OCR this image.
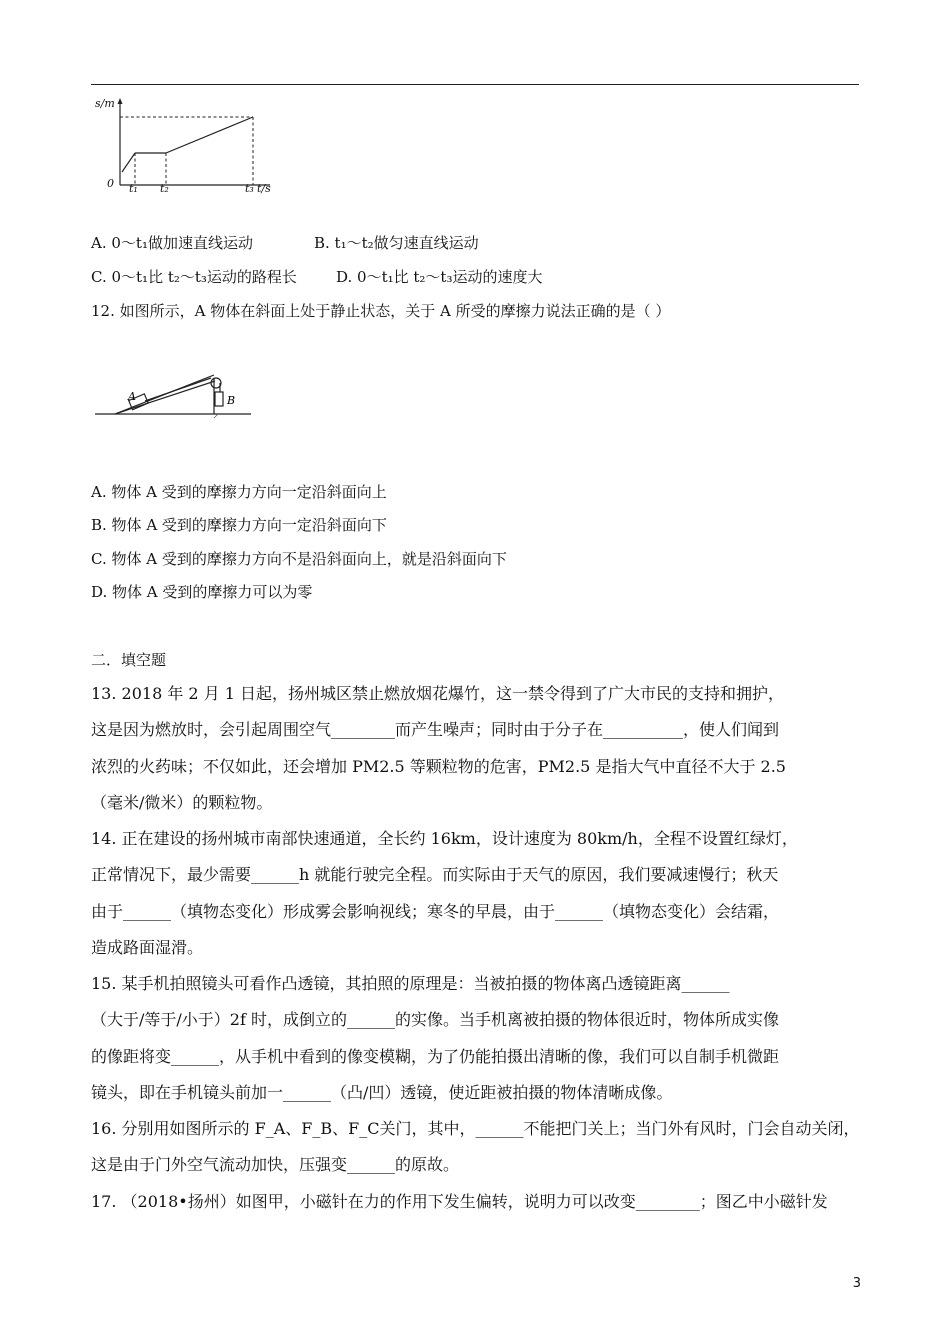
s/m
0 t₁ t₂	t₃ t/s
A. 0～t₁做加速直线运动	B. t₁～t₂做匀速直线运动
C. 0～t₁比 t₂～t₃运动的路程长	D. 0～t₁比 t₂～t₃运动的速度大
12. 如图所示，A 物体在斜面上处于静止状态，关于 A 所受的摩擦力说法正确的是（ ）
A	B
A. 物体 A 受到的摩擦力方向一定沿斜面向上
B. 物体 A 受到的摩擦力方向一定沿斜面向下
C. 物体 A 受到的摩擦力方向不是沿斜面向上，就是沿斜面向下
D. 物体 A 受到的摩擦力可以为零
二．填空题
13. 2018 年 2 月 1 日起，扬州城区禁止燃放烟花爆竹，这一禁令得到了广大市民的支持和拥护，
这是因为燃放时，会引起周围空气________而产生噪声；同时由于分子在__________，使人们闻到
浓烈的火药味；不仅如此，还会增加 PM2.5 等颗粒物的危害，PM2.5 是指大气中直径不大于 2.5
（毫米/微米）的颗粒物。
14. 正在建设的扬州城市南部快速通道，全长约 16km，设计速度为 80km/h，全程不设置红绿灯，
正常情况下，最少需要______h 就能行驶完全程。而实际由于天气的原因，我们要减速慢行；秋天
由于______（填物态变化）形成雾会影响视线；寒冬的早晨，由于______（填物态变化）会结霜，
造成路面湿滑。
15. 某手机拍照镜头可看作凸透镜，其拍照的原理是：当被拍摄的物体离凸透镜距离______
（大于/等于/小于）2f 时，成倒立的______的实像。当手机离被拍摄的物体很近时，物体所成实像
的像距将变______，从手机中看到的像变模糊，为了仍能拍摄出清晰的像，我们可以自制手机微距
镜头，即在手机镜头前加一______（凸/凹）透镜，使近距被拍摄的物体清晰成像。
16. 分别用如图所示的 F_A、F_B、F_C关门，其中，______不能把门关上；当门外有风时，门会自动关闭，
这是由于门外空气流动加快，压强变______的原故。
17. （2018•扬州）如图甲，小磁针在力的作用下发生偏转，说明力可以改变________；图乙中小磁针发
3
